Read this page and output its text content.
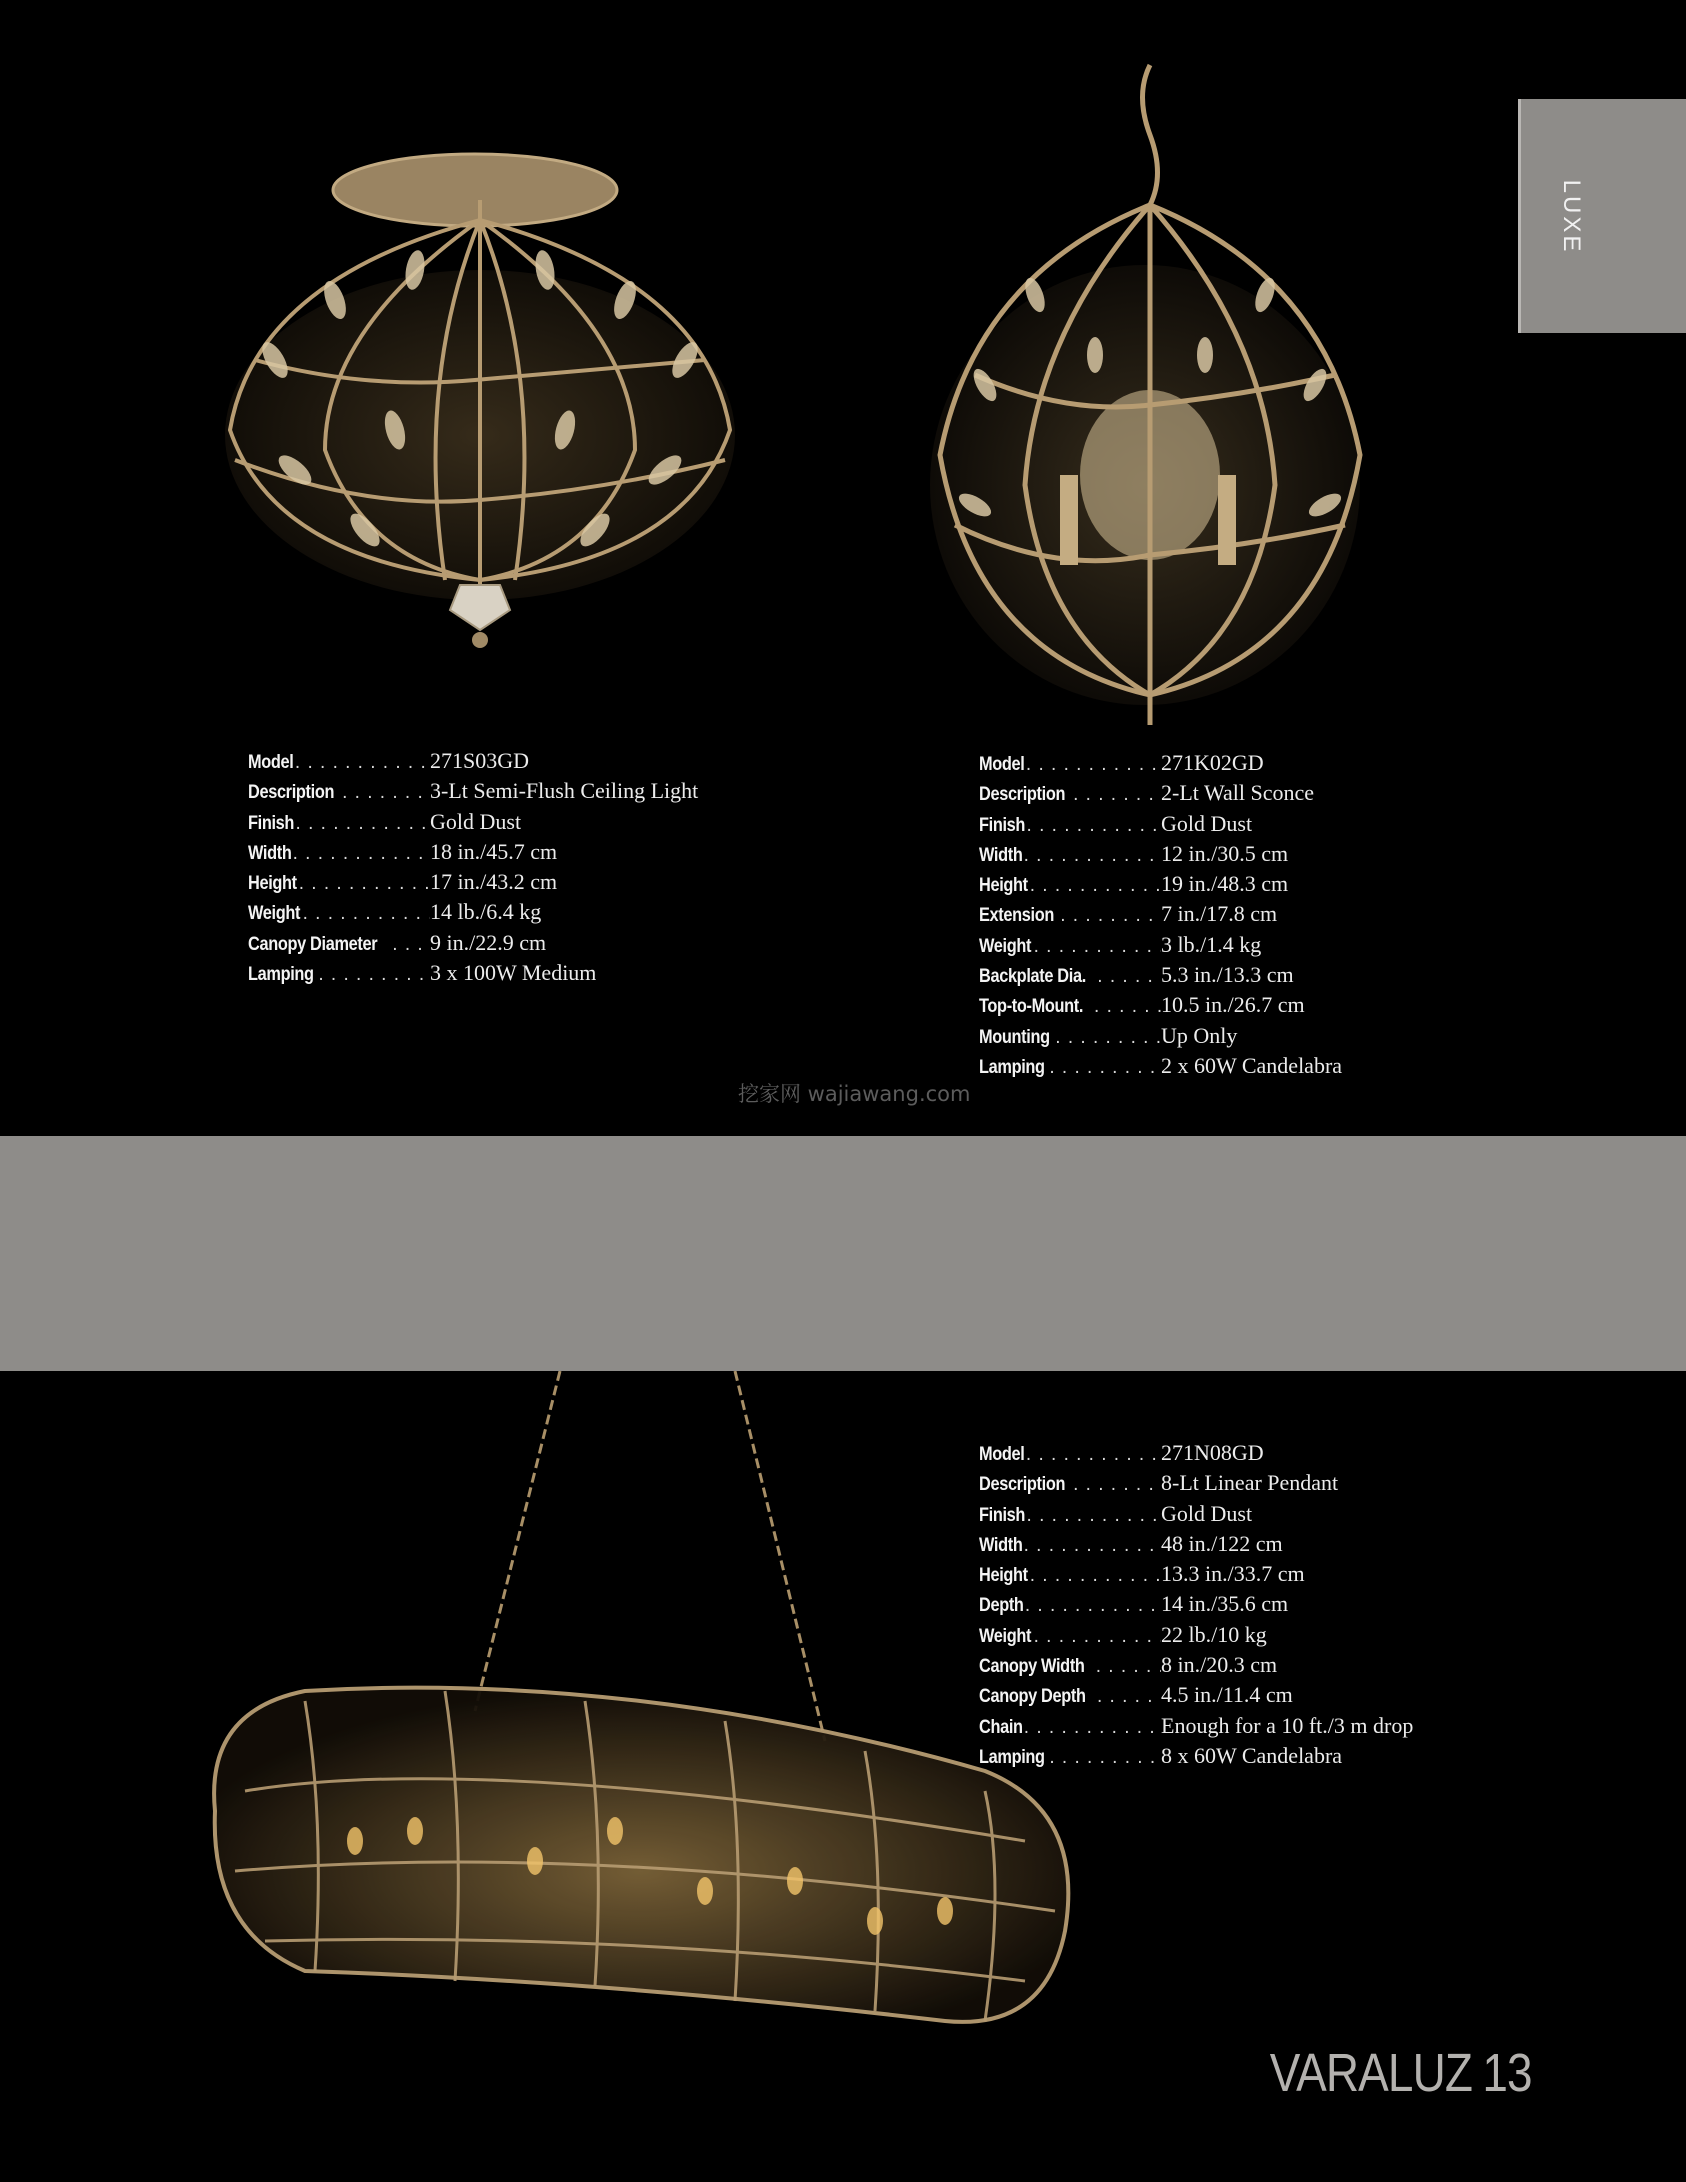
LUXE
Model . . .	271S03GD
Description . . .	3-Lt Semi-Flush Ceiling Light
Finish . . .	Gold Dust
Width . . .	18 in./45.7 cm
Height . . .	17 in./43.2 cm
Weight . . .	14 lb./6.4 kg
Canopy Diameter . . . 9 in./22.9 cm
Lamping . . .	3 x 100W Medium
Model . . .	271K02GD
Description . . .	2-Lt Wall Sconce
Finish . . .	Gold Dust
Width . . .	12 in./30.5 cm
Height . . .	19 in./48.3 cm
Extension . . .	7 in./17.8 cm
Weight . . .	3 lb./1.4 kg
Backplate Dia. . . .	5.3 in./13.3 cm
Top-to-Mount. . . .	10.5 in./26.7 cm
Mounting . . .	Up Only
Lamping . . .	2 x 60W Candelabra
挖家网 wajiawang.com
Model . . .	271N08GD
Description . . .	8-Lt Linear Pendant
Finish . . .	Gold Dust
Width . . .	48 in./122 cm
Height . . .	13.3 in./33.7 cm
Depth . . .	14 in./35.6 cm
Weight . . .	22 lb./10 kg
Canopy Width . . .	8 in./20.3 cm
Canopy Depth . . .	4.5 in./11.4 cm
Chain . . .	Enough for a 10 ft./3 m drop
Lamping . . .	8 x 60W Candelabra
VARALUZ 13
